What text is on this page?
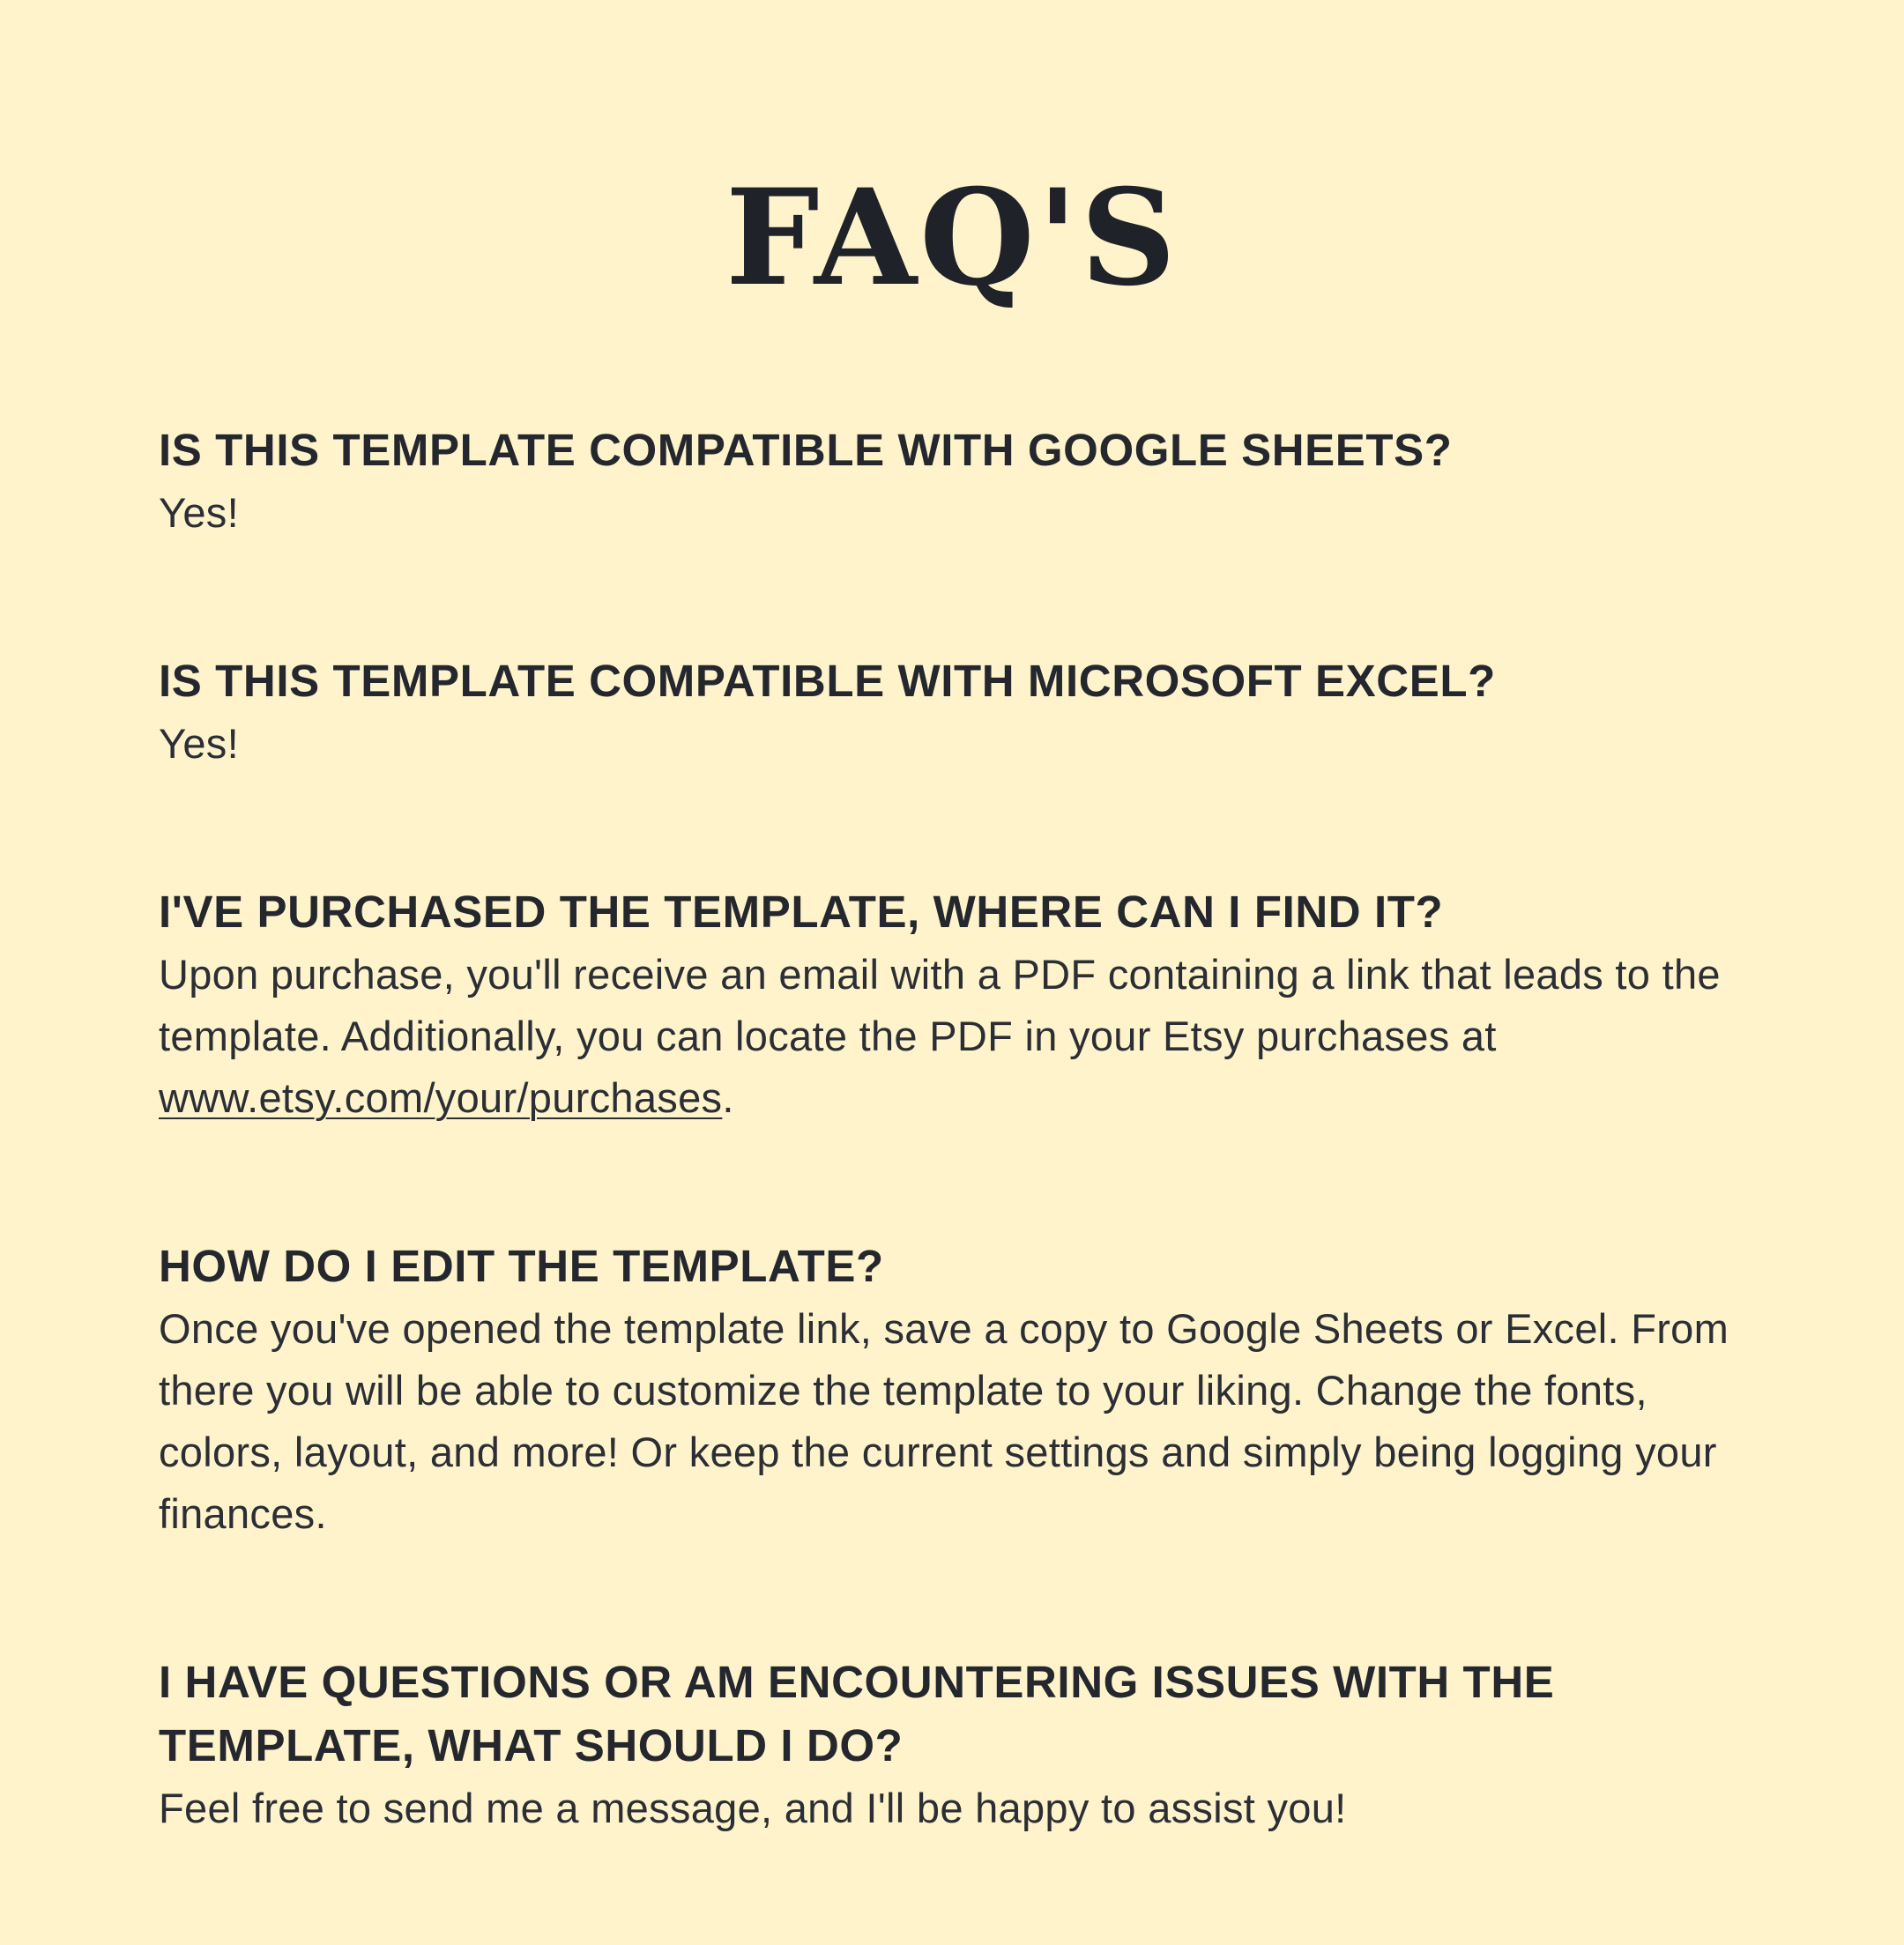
FAQ'S
IS THIS TEMPLATE COMPATIBLE WITH GOOGLE SHEETS?

Yes!

IS THIS TEMPLATE COMPATIBLE WITH MICROSOFT EXCEL?

Yes!

I'VE PURCHASED THE TEMPLATE, WHERE CAN I FIND IT?

Upon purchase, you'll receive an email with a PDF containing a link that leads to the template. Additionally, you can locate the PDF in your Etsy purchases at www.etsy.com/your/purchases.

HOW DO I EDIT THE TEMPLATE?

Once you've opened the template link, save a copy to Google Sheets or Excel. From there you will be able to customize the template to your liking. Change the fonts, colors, layout, and more! Or keep the current settings and simply being logging your finances.

I HAVE QUESTIONS OR AM ENCOUNTERING ISSUES WITH THE TEMPLATE, WHAT SHOULD I DO?

Feel free to send me a message, and I'll be happy to assist you!
